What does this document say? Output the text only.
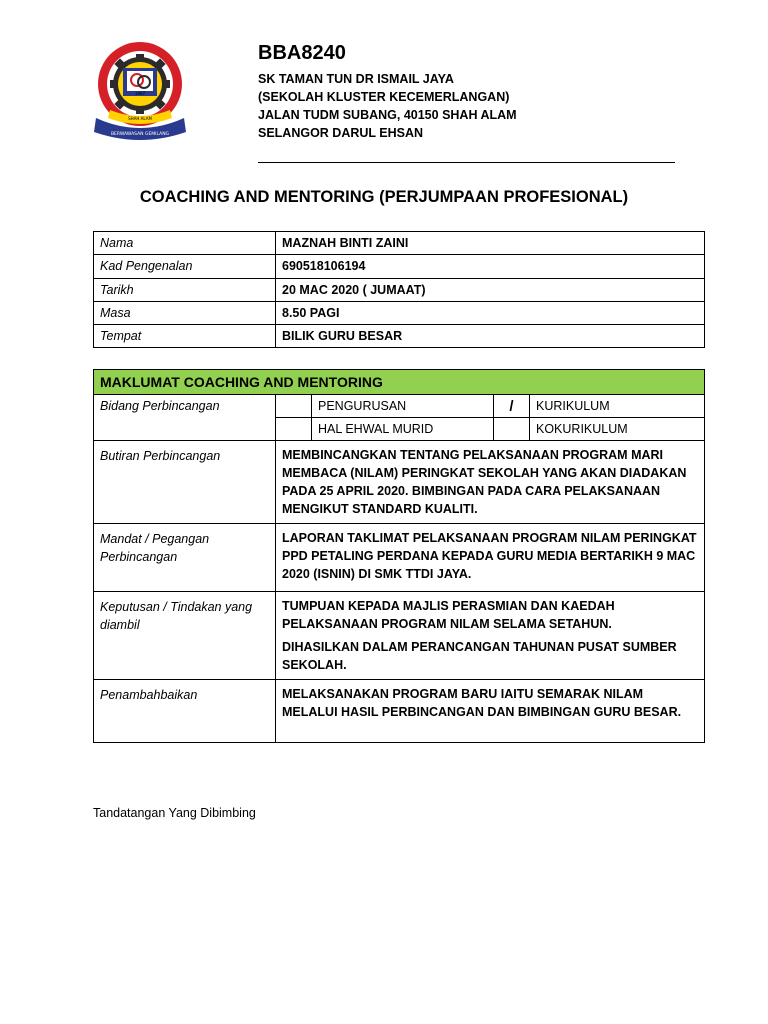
1997
SHAH ALAM
BERWAWASAN GEMILANG
BBA8240
SK TAMAN TUN DR ISMAIL JAYA
(SEKOLAH KLUSTER KECEMERLANGAN)
JALAN TUDM SUBANG, 40150 SHAH ALAM
SELANGOR DARUL EHSAN
COACHING AND MENTORING (PERJUMPAAN PROFESIONAL)
Nama	MAZNAH BINTI ZAINI
Kad Pengenalan	690518106194
Tarikh	20 MAC 2020 ( JUMAAT)
Masa	8.50 PAGI
Tempat	BILIK GURU BESAR
MAKLUMAT COACHING AND MENTORING				
Bidang Perbincangan		PENGURUSAN	/	KURIKULUM
		HAL EHWAL MURID		KOKURIKULUM
Butiran Perbincangan	MEMBINCANGKAN TENTANG PELAKSANAAN PROGRAM MARI MEMBACA (NILAM) PERINGKAT SEKOLAH YANG AKAN DIADAKAN PADA 25 APRIL 2020. BIMBINGAN PADA CARA PELAKSANAAN MENGIKUT STANDARD KUALITI.			
Mandat / Pegangan Perbincangan	LAPORAN TAKLIMAT PELAKSANAAN PROGRAM NILAM PERINGKAT PPD PETALING PERDANA KEPADA GURU MEDIA BERTARIKH 9 MAC 2020 (ISNIN) DI SMK TTDI JAYA.			
Keputusan / Tindakan yang diambil	TUMPUAN KEPADA MAJLIS PERASMIAN DAN KAEDAH PELAKSANAAN PROGRAM NILAM SELAMA SETAHUN.
DIHASILKAN DALAM PERANCANGAN TAHUNAN PUSAT SUMBER SEKOLAH.			

Penambahbaikan	MELAKSANAKAN PROGRAM BARU IAITU SEMARAK NILAM MELALUI HASIL PERBINCANGAN DAN BIMBINGAN GURU BESAR.			
Tandatangan Yang Dibimbing
